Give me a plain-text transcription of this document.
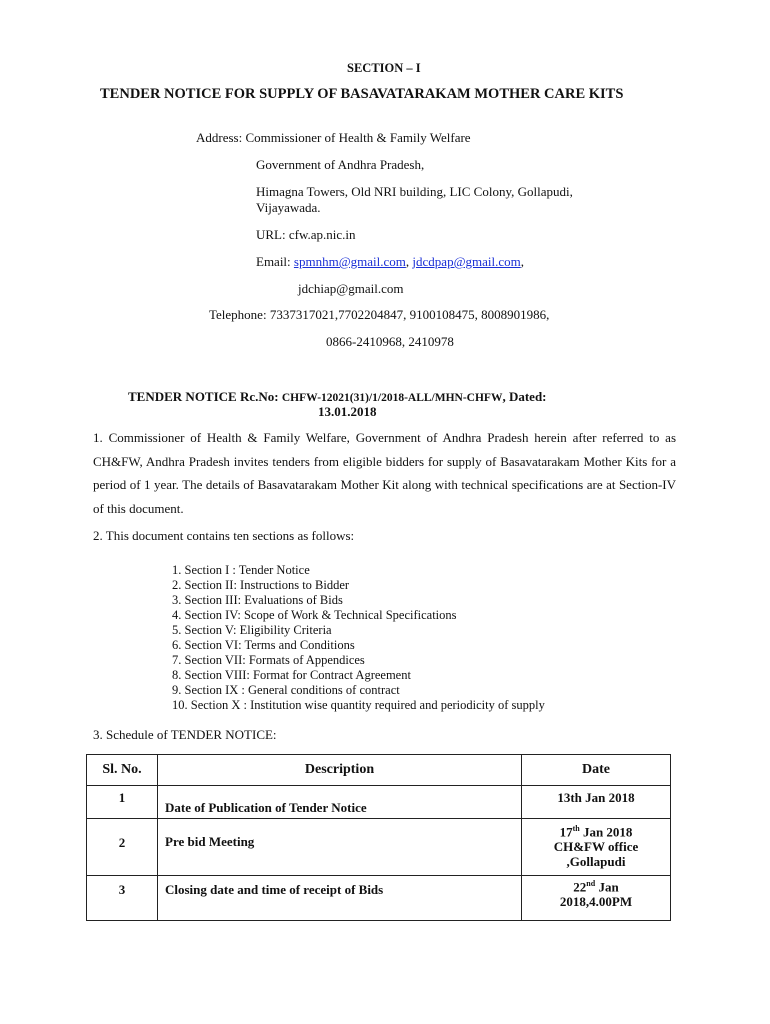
SECTION – I
TENDER NOTICE FOR SUPPLY OF BASAVATARAKAM MOTHER CARE KITS
Address: Commissioner of Health & Family Welfare
Government of Andhra Pradesh,
Himagna Towers, Old NRI building, LIC Colony, Gollapudi,
Vijayawada.
URL: cfw.ap.nic.in
Email: spmnhm@gmail.com, jdcdpap@gmail.com,
jdchiap@gmail.com
Telephone: 7337317021,7702204847, 9100108475, 8008901986,
0866-2410968, 2410978
TENDER NOTICE Rc.No: CHFW-12021(31)/1/2018-ALL/MHN-CHFW, Dated:
13.01.2018
1. Commissioner of Health & Family Welfare, Government of Andhra Pradesh herein after referred to as CH&FW, Andhra Pradesh invites tenders from eligible bidders for supply of Basavatarakam Mother Kits for a period of 1 year. The details of Basavatarakam Mother Kit along with technical specifications are at Section-IV of this document.
2. This document contains ten sections as follows:
1. Section I : Tender Notice
2. Section II: Instructions to Bidder
3. Section III: Evaluations of Bids
4. Section IV: Scope of Work & Technical Specifications
5. Section V: Eligibility Criteria
6. Section VI: Terms and Conditions
7. Section VII: Formats of Appendices
8. Section VIII: Format for Contract Agreement
9. Section IX : General conditions of contract
10. Section X : Institution wise quantity required and periodicity of supply
3. Schedule of TENDER NOTICE:
Sl. No.	Description	Date
1	Date of Publication of Tender Notice	13th Jan 2018
2	Pre bid Meeting	17th Jan 2018
CH&FW office
,Gollapudi
3	Closing date and time of receipt of Bids	22nd Jan
2018,4.00PM
